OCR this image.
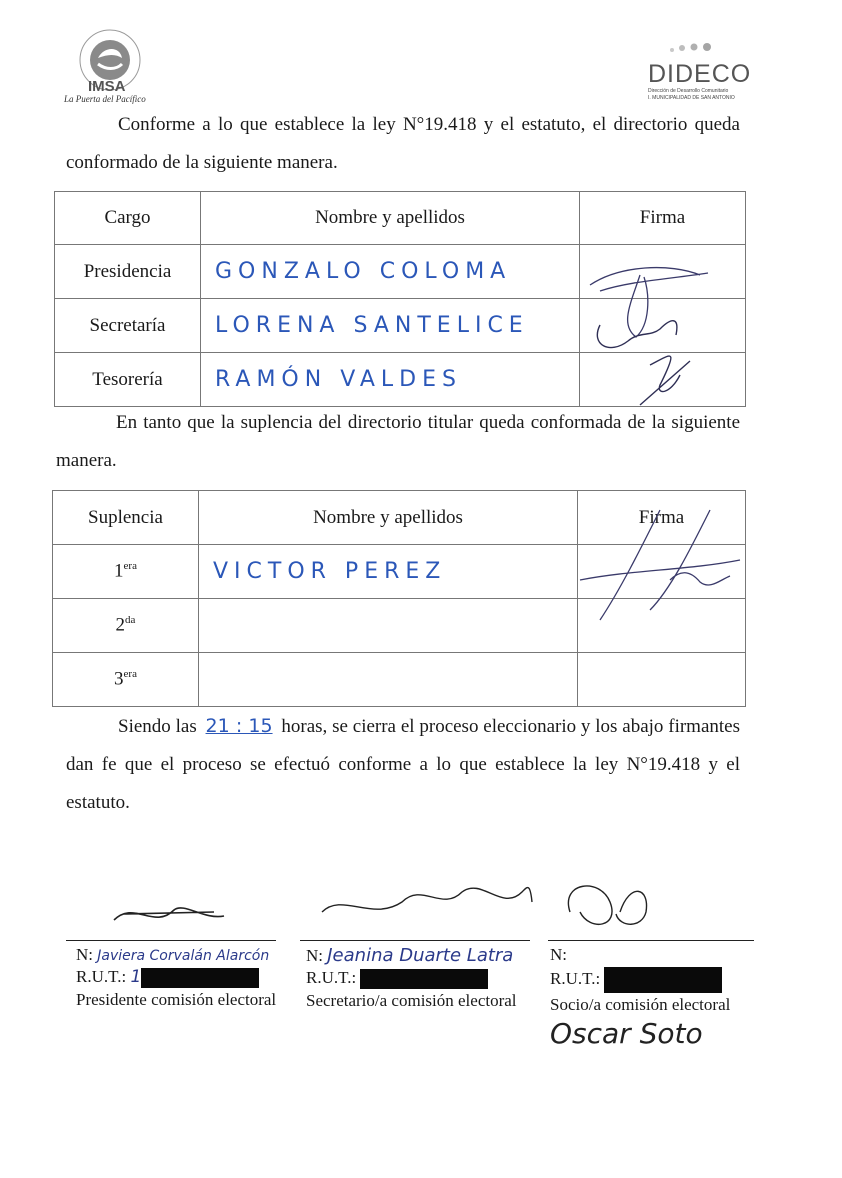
IMSA
La Puerta del Pacífico
DIDECO
Dirección de Desarrollo Comunitario
I. MUNICIPALIDAD DE SAN ANTONIO
Conforme a lo que establece la ley N°19.418 y el estatuto, el directorio queda conformado de la siguiente manera.
Cargo	Nombre y apellidos	Firma
Presidencia	GONZALO COLOMA	
Secretaría	LORENA SANTELICE	
Tesorería	RAMÓN VALDES	
En tanto que la suplencia del directorio titular queda conformada de la siguiente manera.
Suplencia	Nombre y apellidos	Firma
$1^{era}$	VICTOR PEREZ	
$2^{da}$		
$3^{era}$		
Siendo las 21 : 15 horas, se cierra el proceso eleccionario y los abajo firmantes dan fe que el proceso se efectuó conforme a lo que establece la ley N°19.418 y el estatuto.
N: Javiera Corvalán Alarcón
R.U.T.: 1
Presidente comisión electoral
N: Jeanina Duarte Latra
R.U.T.:
Secretario/a comisión electoral
N:
R.U.T.:
Socio/a comisión electoral
Oscar Soto
